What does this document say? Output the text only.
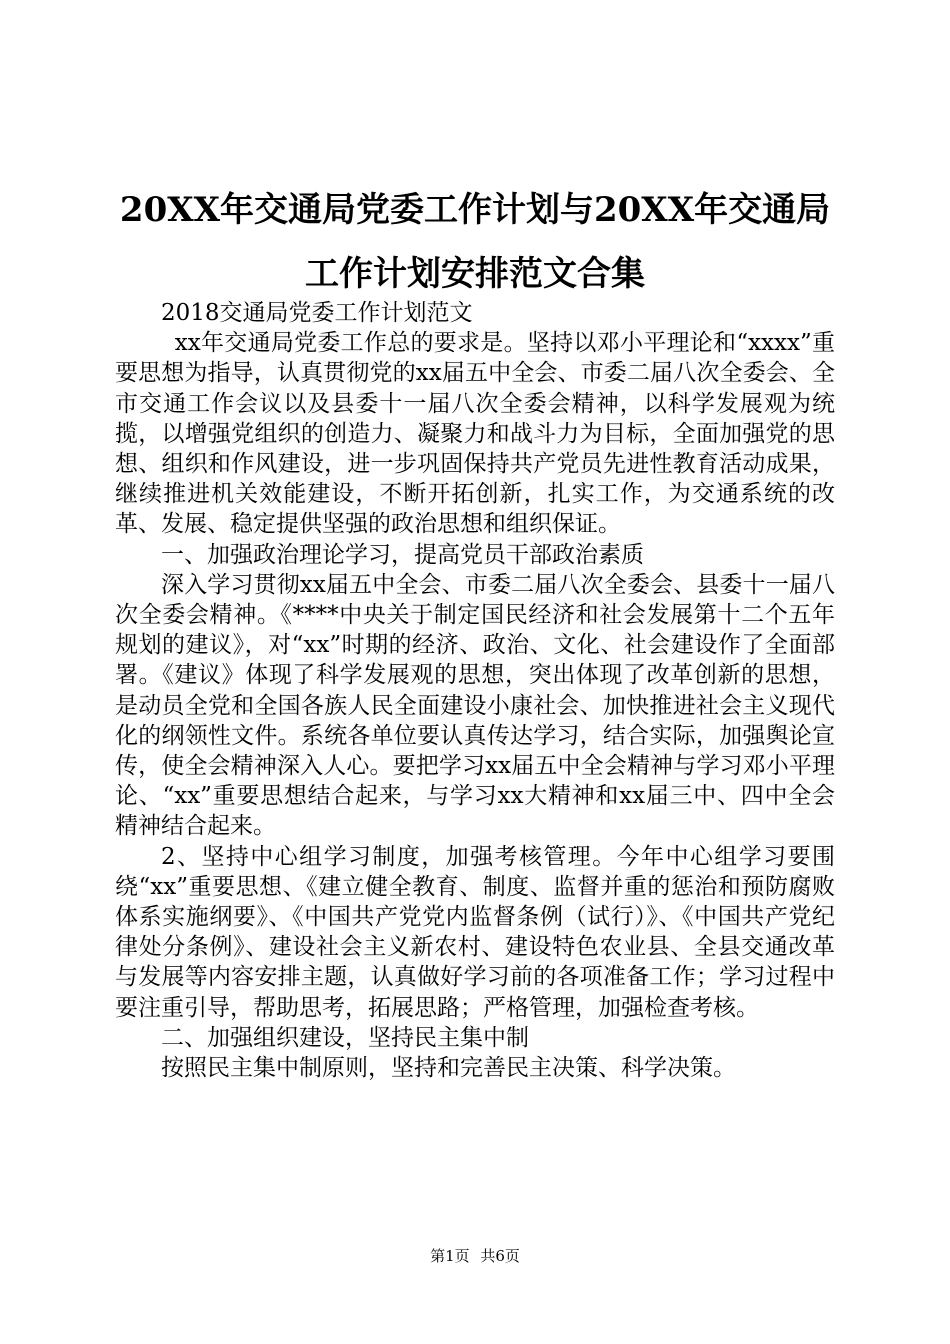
20XX年交通局党委工作计划与20XX年交通局
工作计划安排范文合集

2018交通局党委工作计划范文

xx年交通局党委工作总的要求是。坚持以邓小平理论和“xxxx”重要思想为指导，认真贯彻党的xx届五中全会、市委二届八次全委会、全市交通工作会议以及县委十一届八次全委会精神，以科学发展观为统揽，以增强党组织的创造力、凝聚力和战斗力为目标，全面加强党的思想、组织和作风建设，进一步巩固保持共产党员先进性教育活动成果，继续推进机关效能建设，不断开拓创新，扎实工作，为交通系统的改革、发展、稳定提供坚强的政治思想和组织保证。

一、加强政治理论学习，提高党员干部政治素质

深入学习贯彻xx届五中全会、市委二届八次全委会、县委十一届八次全委会精神。《****中央关于制定国民经济和社会发展第十二个五年规划的建议》，对“xx”时期的经济、政治、文化、社会建设作了全面部署。《建议》体现了科学发展观的思想，突出体现了改革创新的思想，是动员全党和全国各族人民全面建设小康社会、加快推进社会主义现代化的纲领性文件。系统各单位要认真传达学习，结合实际，加强舆论宣传，使全会精神深入人心。要把学习xx届五中全会精神与学习邓小平理论、“xx”重要思想结合起来，与学习xx大精神和xx届三中、四中全会精神结合起来。

2、坚持中心组学习制度，加强考核管理。今年中心组学习要围绕“xx”重要思想、《建立健全教育、制度、监督并重的惩治和预防腐败体系实施纲要》、《中国共产党党内监督条例（试行）》、《中国共产党纪律处分条例》、建设社会主义新农村、建设特色农业县、全县交通改革与发展等内容安排主题，认真做好学习前的各项准备工作；学习过程中要注重引导，帮助思考，拓展思路；严格管理，加强检查考核。

二、加强组织建设，坚持民主集中制

按照民主集中制原则，坚持和完善民主决策、科学决策。

第1页 共6页
